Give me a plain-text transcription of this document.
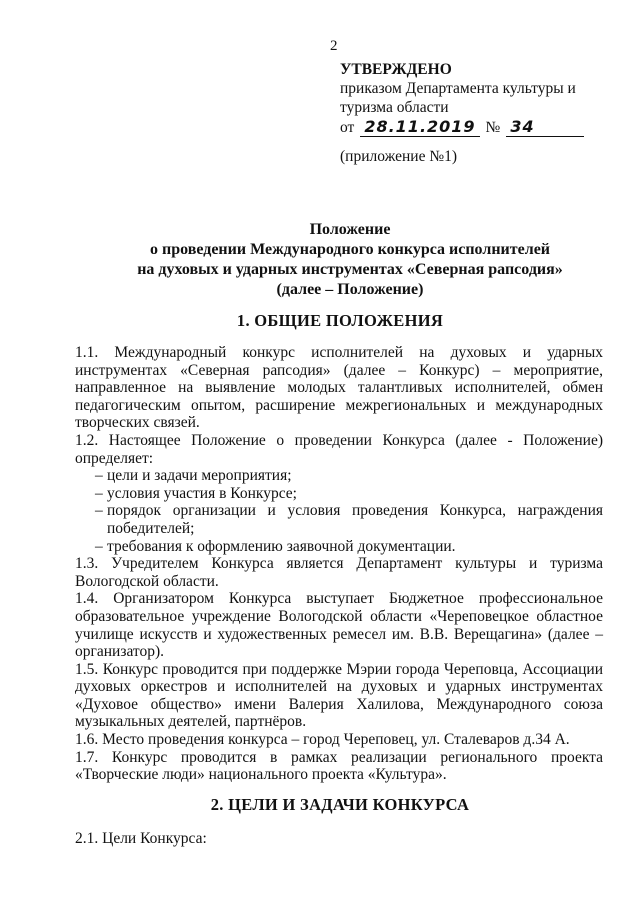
2
УТВЕРЖДЕНО
приказом Департамента культуры и
туризма области
от 28.11.2019 № 34
(приложение №1)
Положение
о проведении Международного конкурса исполнителей
на духовых и ударных инструментах «Северная рапсодия»
(далее – Положение)
1. ОБЩИЕ ПОЛОЖЕНИЯ

1.1. Международный конкурс исполнителей на духовых и ударных инструментах «Северная рапсодия» (далее – Конкурс) – мероприятие, направленное на выявление молодых талантливых исполнителей, обмен педагогическим опытом, расширение межрегиональных и международных творческих связей.

1.2. Настоящее Положение о проведении Конкурса (далее - Положение) определяет:

– цели и задачи мероприятия;
– условия участия в Конкурсе;
– порядок организации и условия проведения Конкурса, награждения победителей;
– требования к оформлению заявочной документации.

1.3. Учредителем Конкурса является Департамент культуры и туризма Вологодской области.

1.4. Организатором Конкурса выступает Бюджетное профессиональное образовательное учреждение Вологодской области «Череповецкое областное училище искусств и художественных ремесел им. В.В. Верещагина» (далее – организатор).

1.5. Конкурс проводится при поддержке Мэрии города Череповца, Ассоциации духовых оркестров и исполнителей на духовых и ударных инструментах «Духовое общество» имени Валерия Халилова, Международного союза музыкальных деятелей, партнёров.

1.6. Место проведения конкурса – город Череповец, ул. Сталеваров д.34 А.

1.7. Конкурс проводится в рамках реализации регионального проекта «Творческие люди» национального проекта «Культура».

2. ЦЕЛИ И ЗАДАЧИ КОНКУРСА

2.1. Цели Конкурса:
